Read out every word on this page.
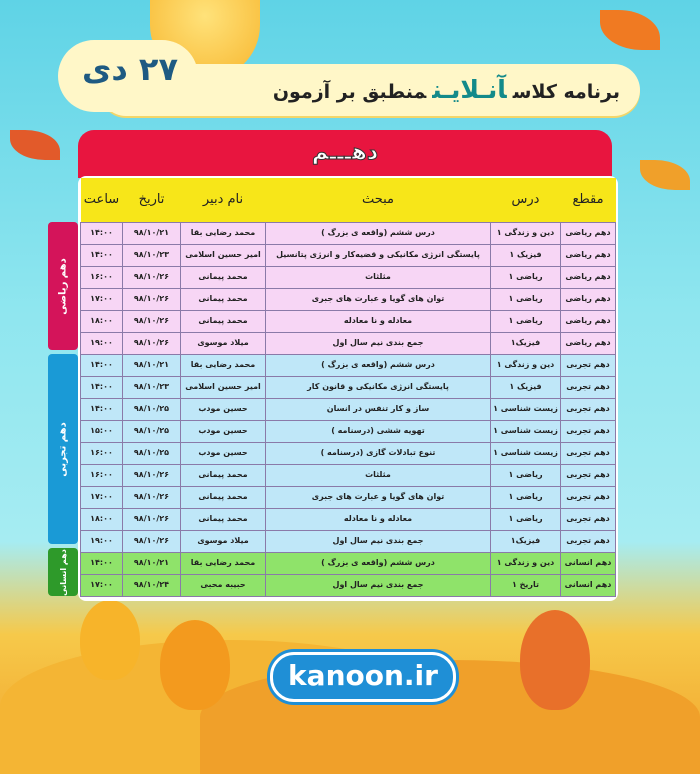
۲۷ دی
برنامه کلاسآنـلایـنمنطبق بر آزمون
دهـــم
مقطع	درس	مبحث	نام دبیر	تاریخ	ساعت
دهم ریاضی	دین و زندگی ۱	درس ششم (واقعه ی بزرگ )	محمد رضایی بقا	۹۸/۱۰/۲۱	۱۴:۰۰
دهم ریاضی	فیزیک ۱	پایستگی انرژی مکانیکی و قضیه‌کار و انرژی پتانسیل	امیر حسین اسلامی	۹۸/۱۰/۲۳	۱۴:۰۰
دهم ریاضی	ریاضی ۱	مثلثات	محمد پیمانی	۹۸/۱۰/۲۶	۱۶:۰۰
دهم ریاضی	ریاضی ۱	توان های گویا و عبارت های جبری	محمد پیمانی	۹۸/۱۰/۲۶	۱۷:۰۰
دهم ریاضی	ریاضی ۱	معادله و نا معادله	محمد پیمانی	۹۸/۱۰/۲۶	۱۸:۰۰
دهم ریاضی	فیزیک۱	جمع بندی نیم سال اول	میلاد موسوی	۹۸/۱۰/۲۶	۱۹:۰۰
دهم تجربی	دین و زندگی ۱	درس ششم (واقعه ی بزرگ )	محمد رضایی بقا	۹۸/۱۰/۲۱	۱۴:۰۰
دهم تجربی	فیزیک ۱	پایستگی انرژی مکانیکی و قانون کار	امیر حسین اسلامی	۹۸/۱۰/۲۳	۱۴:۰۰
دهم تجربی	زیست شناسی ۱	ساز و کار تنفس در انسان	حسین مودب	۹۸/۱۰/۲۵	۱۴:۰۰
دهم تجربی	زیست شناسی ۱	تهویه ششی (درسنامه )	حسین مودب	۹۸/۱۰/۲۵	۱۵:۰۰
دهم تجربی	زیست شناسی ۱	تنوع تبادلات گازی (درسنامه )	حسین مودب	۹۸/۱۰/۲۵	۱۶:۰۰
دهم تجربی	ریاضی ۱	مثلثات	محمد پیمانی	۹۸/۱۰/۲۶	۱۶:۰۰
دهم تجربی	ریاضی ۱	توان های گویا و عبارت های جبری	محمد پیمانی	۹۸/۱۰/۲۶	۱۷:۰۰
دهم تجربی	ریاضی ۱	معادله و نا معادله	محمد پیمانی	۹۸/۱۰/۲۶	۱۸:۰۰
دهم تجربی	فیزیک۱	جمع بندی نیم سال اول	میلاد موسوی	۹۸/۱۰/۲۶	۱۹:۰۰
دهم انسانی	دین و زندگی ۱	درس ششم (واقعه ی بزرگ )	محمد رضایی بقا	۹۸/۱۰/۲۱	۱۴:۰۰
دهم انسانی	تاریخ ۱	جمع بندی نیم سال اول	حبیبه محبی	۹۸/۱۰/۲۴	۱۷:۰۰
دهم ریاضی
دهم تجربی
دهم انسانی
kanoon.ir
